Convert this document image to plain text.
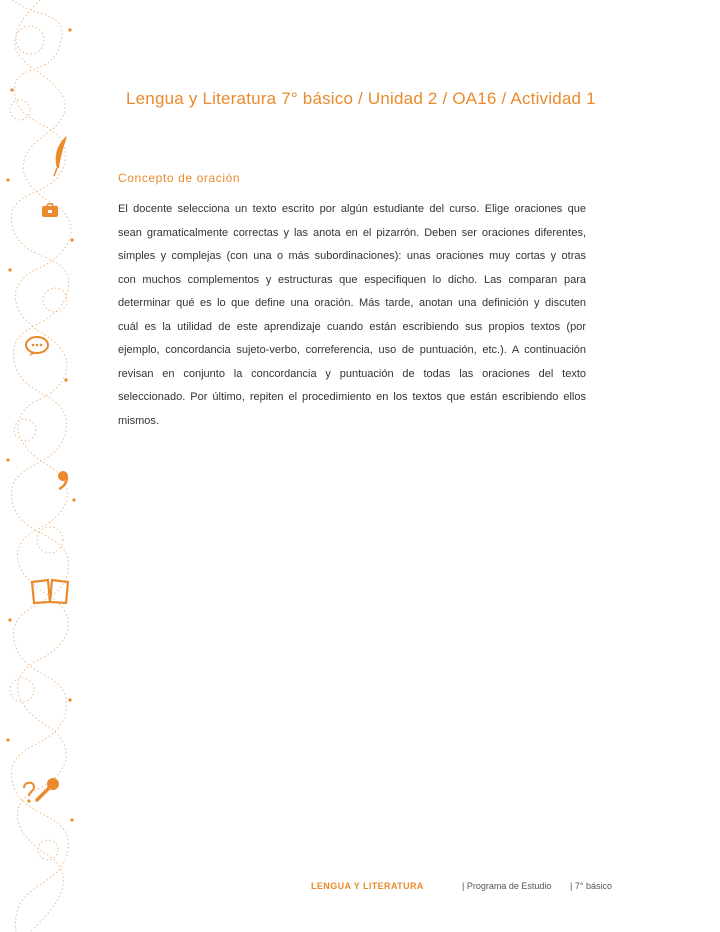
Lengua y Literatura 7° básico / Unidad 2 / OA16 / Actividad 1
Concepto de oración
El docente selecciona un texto escrito por algún estudiante del curso. Elige oraciones que sean gramaticalmente correctas y las anota en el pizarrón. Deben ser oraciones diferentes, simples y complejas (con una o más subordinaciones): unas oraciones muy cortas y otras con muchos complementos y estructuras que especifiquen lo dicho. Las comparan para determinar qué es lo que define una oración. Más tarde, anotan una definición y discuten cuál es la utilidad de este aprendizaje cuando están escribiendo sus propios textos (por ejemplo, concordancia sujeto-verbo, correferencia, uso de puntuación, etc.). A continuación revisan en conjunto la concordancia y puntuación de todas las oraciones del texto seleccionado. Por último, repiten el procedimiento en los textos que están escribiendo ellos mismos.
LENGUA Y LITERATURA	| Programa de Estudio | 7° básico
